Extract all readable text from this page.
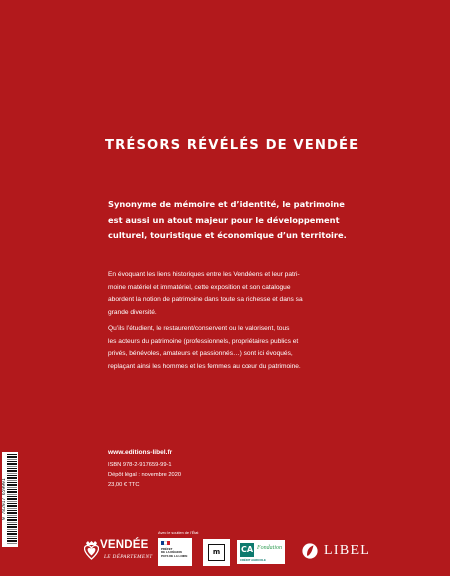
TRÉSORS RÉVÉLÉS DE VENDÉE
Synonyme de mémoire et d’identité, le patrimoine
est aussi un atout majeur pour le développement
culturel, touristique et économique d’un territoire.
En évoquant les liens historiques entre les Vendéens et leur patri-
moine matériel et immatériel, cette exposition et son catalogue
abordent la notion de patrimoine dans toute sa richesse et dans sa
grande diversité.
Qu’ils l’étudient, le restaurent/conservent ou le valorisent, tous
les acteurs du patrimoine (professionnels, propriétaires publics et
privés, bénévoles, amateurs et passionnés…) sont ici évoqués,
replaçant ainsi les hommes et les femmes au cœur du patrimoine.
www.editions-libel.fr
ISBN 978-2-917659-99-1
Dépôt légal : novembre 2020
23,00 € TTC
9 782917 659991
Avec le soutien de l’État
VENDÉE
LE DÉPARTEMENT
PRÉFET
DE LA RÉGION
PAYS DE LA LOIRE	m	CA
CRÉDIT AGRICOLE
Fondation	LIBEL
